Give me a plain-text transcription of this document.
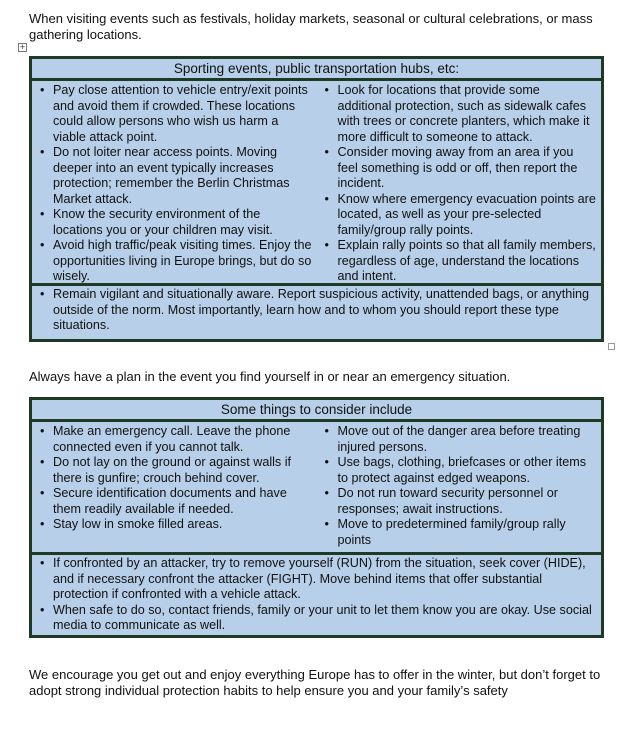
+

When visiting events such as festivals, holiday markets, seasonal or cultural celebrations, or mass gathering locations.

Sporting events, public transportation hubs, etc:
• Pay close attention to vehicle entry/exit points and avoid them if crowded. These locations could allow persons who wish us harm a viable attack point.
• Do not loiter near access points. Moving deeper into an event typically increases protection; remember the Berlin Christmas Market attack.
• Know the security environment of the locations you or your children may visit.
• Avoid high traffic/peak visiting times. Enjoy the opportunities living in Europe brings, but do so wisely.
• Look for locations that provide some additional protection, such as sidewalk cafes with trees or concrete planters, which make it more difficult to someone to attack.
• Consider moving away from an area if you feel something is odd or off, then report the incident.
• Know where emergency evacuation points are located, as well as your pre-selected family/group rally points.
• Explain rally points so that all family members, regardless of age, understand the locations and intent.
• Remain vigilant and situationally aware. Report suspicious activity, unattended bags, or anything outside of the norm. Most importantly, learn how and to whom you should report these type situations.

Always have a plan in the event you find yourself in or near an emergency situation.

Some things to consider include
• Make an emergency call. Leave the phone connected even if you cannot talk.
• Do not lay on the ground or against walls if there is gunfire; crouch behind cover.
• Secure identification documents and have them readily available if needed.
• Stay low in smoke filled areas.
• Move out of the danger area before treating injured persons.
• Use bags, clothing, briefcases or other items to protect against edged weapons.
• Do not run toward security personnel or responses; await instructions.
• Move to predetermined family/group rally points
• If confronted by an attacker, try to remove yourself (RUN) from the situation, seek cover (HIDE), and if necessary confront the attacker (FIGHT). Move behind items that offer substantial protection if confronted with a vehicle attack.
• When safe to do so, contact friends, family or your unit to let them know you are okay. Use social media to communicate as well.

We encourage you get out and enjoy everything Europe has to offer in the winter, but don’t forget to adopt strong individual protection habits to help ensure you and your family’s safety
